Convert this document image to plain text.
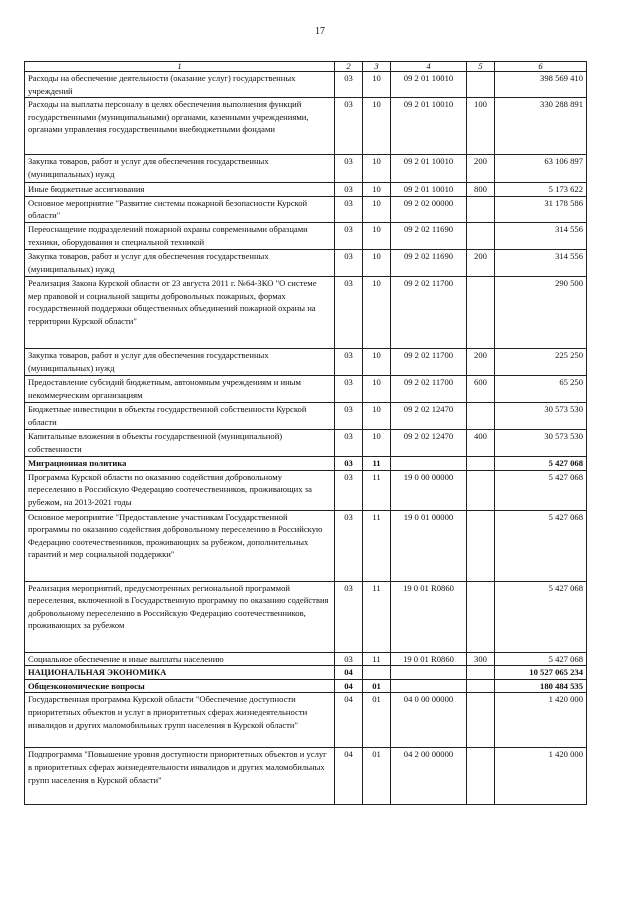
17
1	2	3	4	5	6
Расходы на обеспечение деятельности (оказание услуг) государственных учреждений	03	10	09 2 01 10010		398 569 410
Расходы на выплаты персоналу в целях обеспечения выполнения функций государственными (муниципальными) органами, казенными учреждениями, органами управления государственными внебюджетными фондами	03	10	09 2 01 10010	100	330 288 891
Закупка товаров, работ и услуг для обеспечения государственных (муниципальных) нужд	03	10	09 2 01 10010	200	63 106 897
Иные бюджетные ассигнования	03	10	09 2 01 10010	800	5 173 622
Основное мероприятие "Развитие системы пожарной безопасности Курской области"	03	10	09 2 02 00000		31 178 586
Переоснащение подразделений пожарной охраны современными образцами техники, оборудования и специальной техникой	03	10	09 2 02 11690		314 556
Закупка товаров, работ и услуг для обеспечения государственных (муниципальных) нужд	03	10	09 2 02 11690	200	314 556
Реализация Закона Курской области от 23 августа 2011 г. №64-ЗКО "О системе мер правовой и социальной защиты добровольных пожарных, формах государственной поддержки общественных объединений пожарной охраны на территории Курской области"	03	10	09 2 02 11700		290 500
Закупка товаров, работ и услуг для обеспечения государственных (муниципальных) нужд	03	10	09 2 02 11700	200	225 250
Предоставление субсидий бюджетным, автономным учреждениям и иным некоммерческим организациям	03	10	09 2 02 11700	600	65 250
Бюджетные инвестиции в объекты государственной собственности Курской области	03	10	09 2 02 12470		30 573 530
Капитальные вложения в объекты государственной (муниципальной) собственности	03	10	09 2 02 12470	400	30 573 530
Миграционная политика	03	11			5 427 068
Программа Курской области по оказанию содействия добровольному переселению в Российскую Федерацию соотечественников, проживающих за рубежом, на 2013-2021 годы	03	11	19 0 00 00000		5 427 068
Основное мероприятие "Предоставление участникам Государственной программы по оказанию содействия добровольному переселению в Российскую Федерацию соотечественников, проживающих за рубежом, дополнительных гарантий и мер социальной поддержки"	03	11	19 0 01 00000		5 427 068
Реализация мероприятий, предусмотренных региональной программой переселения, включенной в Государственную программу по оказанию содействия добровольному переселению в Российскую Федерацию соотечественников, проживающих за рубежом	03	11	19 0 01 R0860		5 427 068
Социальное обеспечение и иные выплаты населению	03	11	19 0 01 R0860	300	5 427 068
НАЦИОНАЛЬНАЯ ЭКОНОМИКА	04				10 527 065 234
Общеэкономические вопросы	04	01			180 484 535
Государственная программа Курской области "Обеспечение доступности приоритетных объектов и услуг в приоритетных сферах жизнедеятельности инвалидов и других маломобильных групп населения в Курской области"	04	01	04 0 00 00000		1 420 000
Подпрограмма "Повышение уровня доступности приоритетных объектов и услуг в приоритетных сферах жизнедеятельности инвалидов и других маломобильных групп населения в Курской области"	04	01	04 2 00 00000		1 420 000
